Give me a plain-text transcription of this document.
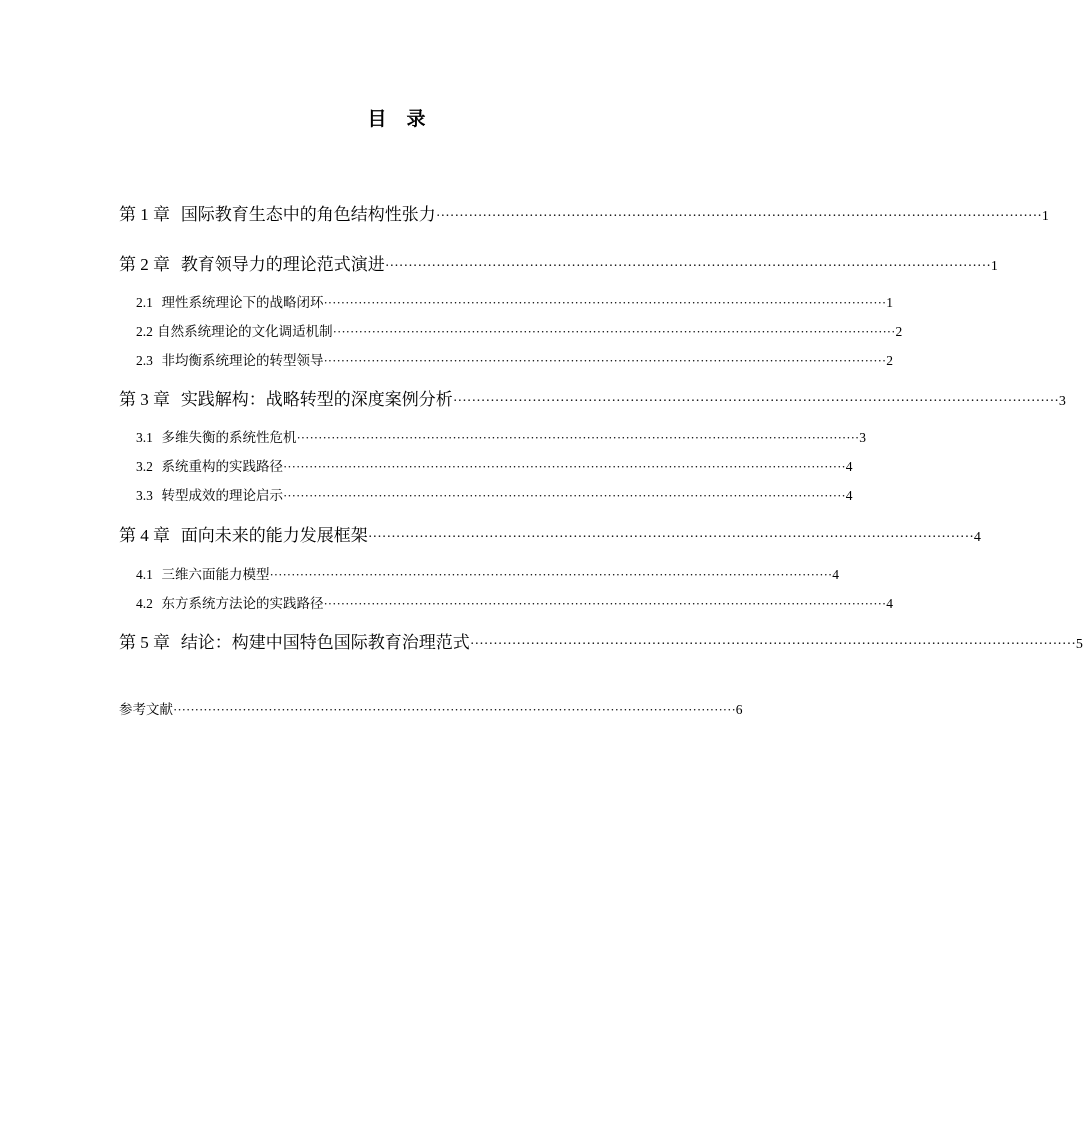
目 录
第 1 章 国际教育生态中的角色结构性张力 ·································································································································· 1
第 2 章 教育领导力的理论范式演进 ·································································································································· 1
2.1 理性系统理论下的战略闭环 ·································································································································· 1
2.2 自然系统理论的文化调适机制 ·································································································································· 2
2.3 非均衡系统理论的转型领导 ·································································································································· 2
第 3 章 实践解构：战略转型的深度案例分析 ·································································································································· 3
3.1 多维失衡的系统性危机 ·································································································································· 3
3.2 系统重构的实践路径 ·································································································································· 4
3.3 转型成效的理论启示 ·································································································································· 4
第 4 章 面向未来的能力发展框架 ·································································································································· 4
4.1 三维六面能力模型 ·································································································································· 4
4.2 东方系统方法论的实践路径 ·································································································································· 4
第 5 章 结论：构建中国特色国际教育治理范式 ·································································································································· 5
参考文献 ·································································································································· 6
